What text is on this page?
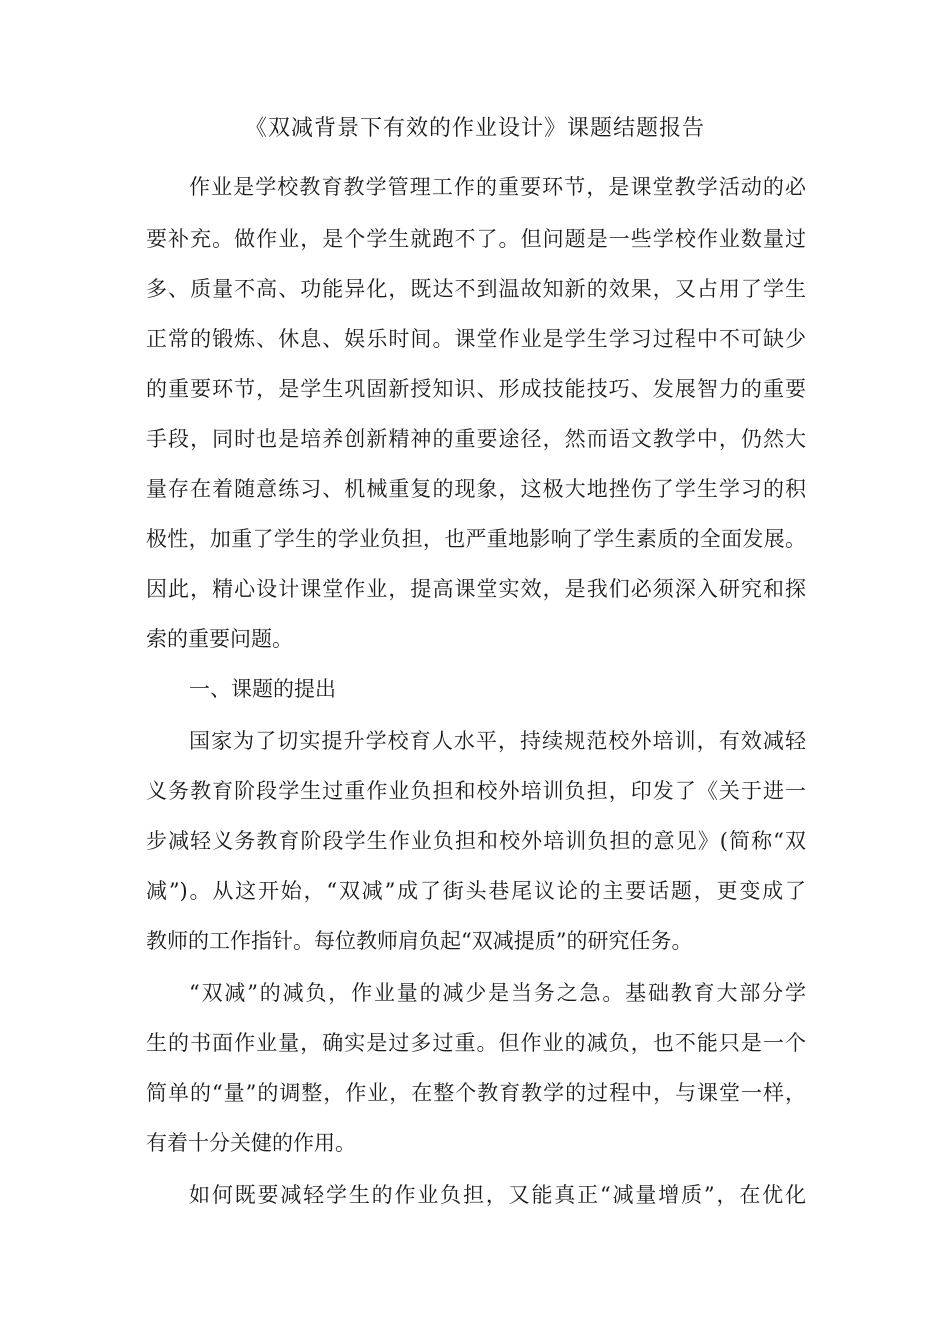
《双减背景下有效的作业设计》课题结题报告
作业是学校教育教学管理工作的重要环节，是课堂教学活动的必
要补充。做作业，是个学生就跑不了。但问题是一些学校作业数量过
多、质量不高、功能异化，既达不到温故知新的效果，又占用了学生
正常的锻炼、休息、娱乐时间。课堂作业是学生学习过程中不可缺少
的重要环节，是学生巩固新授知识、形成技能技巧、发展智力的重要
手段，同时也是培养创新精神的重要途径，然而语文教学中，仍然大
量存在着随意练习、机械重复的现象，这极大地挫伤了学生学习的积
极性，加重了学生的学业负担，也严重地影响了学生素质的全面发展。
因此，精心设计课堂作业，提高课堂实效，是我们必须深入研究和探
索的重要问题。
一、课题的提出
国家为了切实提升学校育人水平，持续规范校外培训，有效减轻
义务教育阶段学生过重作业负担和校外培训负担，印发了《关于进一
步减轻义务教育阶段学生作业负担和校外培训负担的意见》(简称“双
减”)。从这开始，“双减”成了街头巷尾议论的主要话题，更变成了
教师的工作指针。每位教师肩负起“双减提质”的研究任务。
“双减”的减负，作业量的减少是当务之急。基础教育大部分学
生的书面作业量，确实是过多过重。但作业的减负，也不能只是一个
简单的“量”的调整，作业，在整个教育教学的过程中，与课堂一样，
有着十分关健的作用。
如何既要减轻学生的作业负担，又能真正“减量增质”，在优化
